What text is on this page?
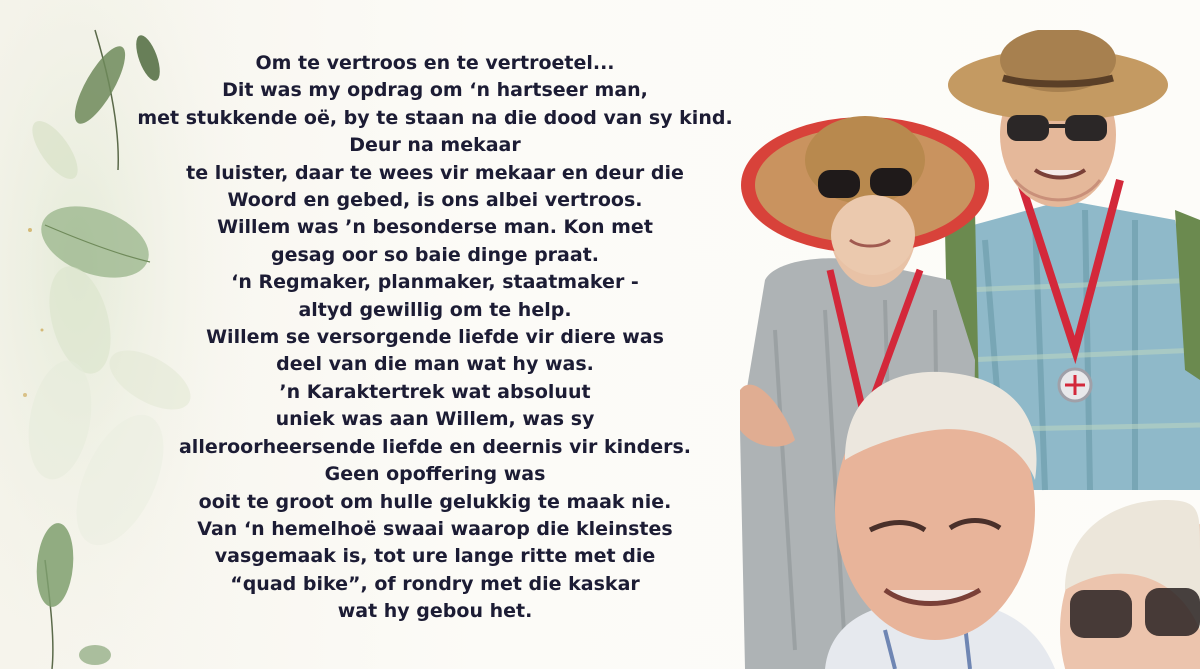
Om te vertroos en te vertroetel...
Dit was my opdrag om ‘n hartseer man,
met stukkende oë, by te staan na die dood van sy kind.
Deur na mekaar
te luister, daar te wees vir mekaar en deur die
Woord en gebed, is ons albei vertroos.
Willem was ’n besonderse man. Kon met
gesag oor so baie dinge praat.
‘n Regmaker, planmaker, staatmaker -
altyd gewillig om te help.
Willem se versorgende liefde vir diere was
deel van die man wat hy was.
’n Karaktertrek wat absoluut
uniek was aan Willem, was sy
alleroorheersende liefde en deernis vir kinders.
Geen opoffering was
ooit te groot om hulle gelukkig te maak nie.
Van ‘n hemelhoë swaai waarop die kleinstes
vasgemaak is, tot ure lange ritte met die
“quad bike”, of rondry met die kaskar
wat hy gebou het.
